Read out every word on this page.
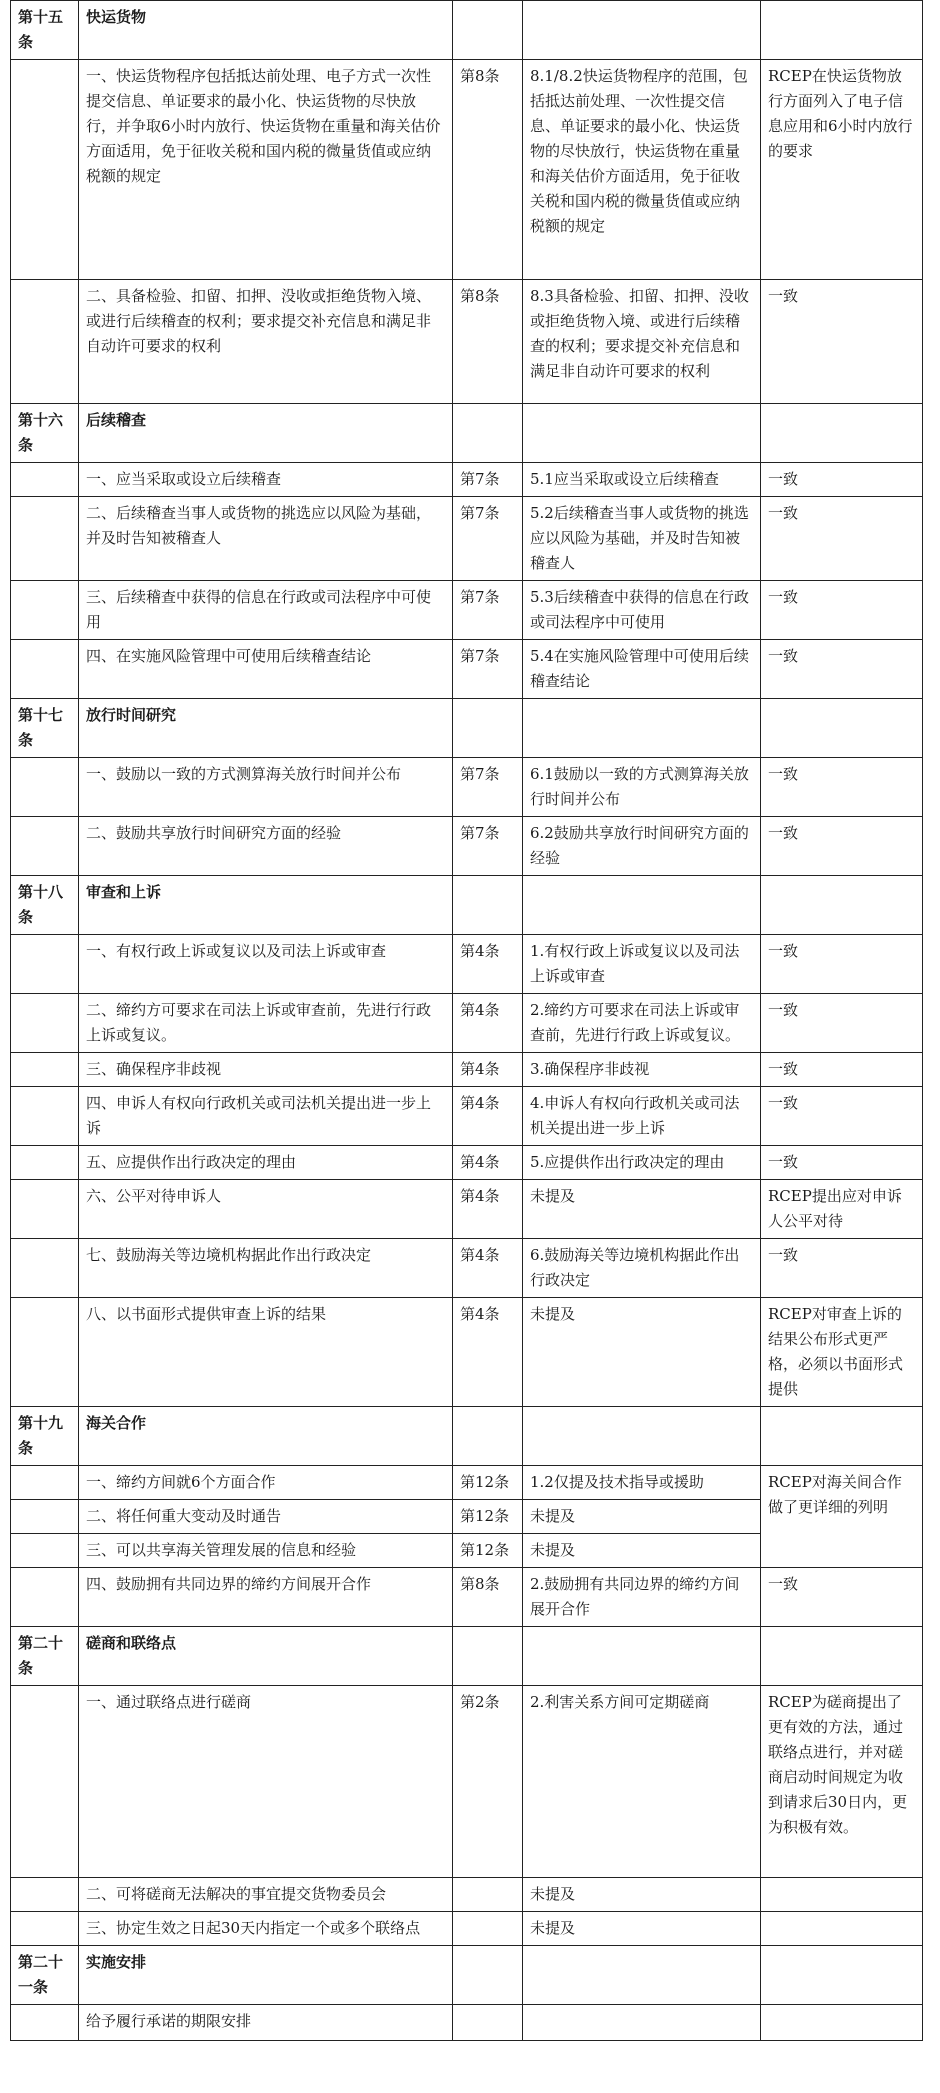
第十五条	快运货物			
	一、快运货物程序包括抵达前处理、电子方式一次性提交信息、单证要求的最小化、快运货物的尽快放行，并争取6小时内放行、快运货物在重量和海关估价方面适用，免于征收关税和国内税的微量货值或应纳税额的规定	第8条	8.1/8.2快运货物程序的范围，包括抵达前处理、一次性提交信息、单证要求的最小化、快运货物的尽快放行，快运货物在重量和海关估价方面适用，免于征收关税和国内税的微量货值或应纳税额的规定	RCEP在快运货物放行方面列入了电子信息应用和6小时内放行的要求
	二、具备检验、扣留、扣押、没收或拒绝货物入境、或进行后续稽查的权利；要求提交补充信息和满足非自动许可要求的权利	第8条	8.3具备检验、扣留、扣押、没收或拒绝货物入境、或进行后续稽查的权利；要求提交补充信息和满足非自动许可要求的权利	一致
第十六条	后续稽查			
	一、应当采取或设立后续稽查	第7条	5.1应当采取或设立后续稽查	一致
	二、后续稽查当事人或货物的挑选应以风险为基础，并及时告知被稽查人	第7条	5.2后续稽查当事人或货物的挑选应以风险为基础，并及时告知被稽查人	一致
	三、后续稽查中获得的信息在行政或司法程序中可使用	第7条	5.3后续稽查中获得的信息在行政或司法程序中可使用	一致
	四、在实施风险管理中可使用后续稽查结论	第7条	5.4在实施风险管理中可使用后续稽查结论	一致
第十七条	放行时间研究			
	一、鼓励以一致的方式测算海关放行时间并公布	第7条	6.1鼓励以一致的方式测算海关放行时间并公布	一致
	二、鼓励共享放行时间研究方面的经验	第7条	6.2鼓励共享放行时间研究方面的经验	一致
第十八条	审查和上诉			
	一、有权行政上诉或复议以及司法上诉或审查	第4条	1.有权行政上诉或复议以及司法上诉或审查	一致
	二、缔约方可要求在司法上诉或审查前，先进行行政上诉或复议。	第4条	2.缔约方可要求在司法上诉或审查前，先进行行政上诉或复议。	一致
	三、确保程序非歧视	第4条	3.确保程序非歧视	一致
	四、申诉人有权向行政机关或司法机关提出进一步上诉	第4条	4.申诉人有权向行政机关或司法机关提出进一步上诉	一致
	五、应提供作出行政决定的理由	第4条	5.应提供作出行政决定的理由	一致
	六、公平对待申诉人	第4条	未提及	RCEP提出应对申诉人公平对待
	七、鼓励海关等边境机构据此作出行政决定	第4条	6.鼓励海关等边境机构据此作出行政决定	一致
	八、以书面形式提供审查上诉的结果	第4条	未提及	RCEP对审查上诉的结果公布形式更严格，必须以书面形式提供
第十九条	海关合作			
	一、缔约方间就6个方面合作	第12条	1.2仅提及技术指导或援助	RCEP对海关间合作做了更详细的列明
	二、将任何重大变动及时通告	第12条	未提及	
	三、可以共享海关管理发展的信息和经验	第12条	未提及	
	四、鼓励拥有共同边界的缔约方间展开合作	第8条	2.鼓励拥有共同边界的缔约方间展开合作	一致
第二十条	磋商和联络点			
	一、通过联络点进行磋商	第2条	2.利害关系方间可定期磋商	RCEP为磋商提出了更有效的方法，通过联络点进行，并对磋商启动时间规定为收到请求后30日内，更为积极有效。
	二、可将磋商无法解决的事宜提交货物委员会		未提及	
	三、协定生效之日起30天内指定一个或多个联络点		未提及	
第二十一条	实施安排			
	给予履行承诺的期限安排			
